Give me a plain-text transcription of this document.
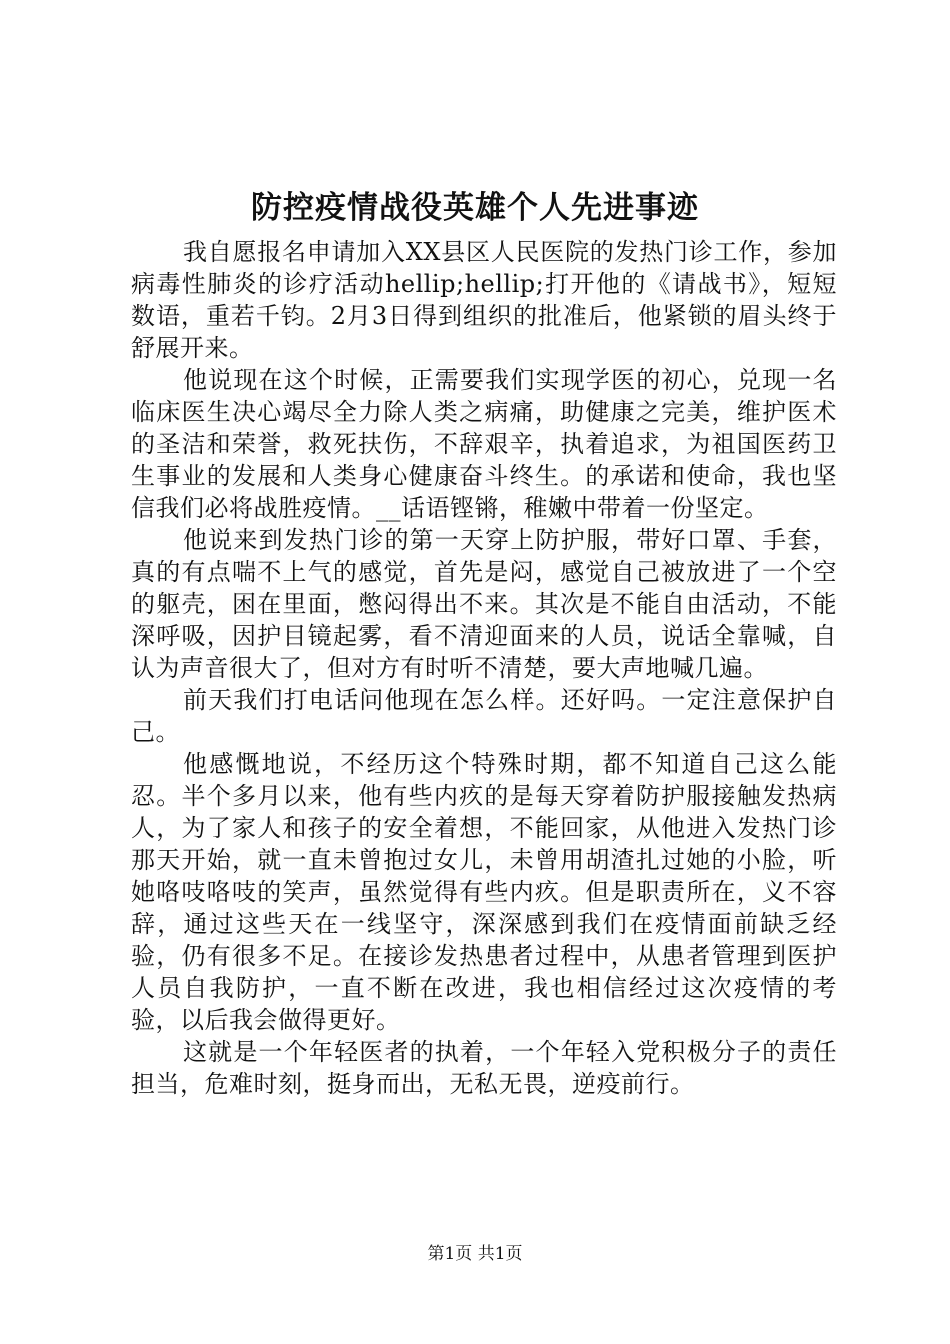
防控疫情战役英雄个人先进事迹

我自愿报名申请加入XX县区人民医院的发热门诊工作，参加病毒性肺炎的诊疗活动hellip;hellip;打开他的《请战书》，短短数语，重若千钧。2月3日得到组织的批准后，他紧锁的眉头终于舒展开来。

他说现在这个时候，正需要我们实现学医的初心，兑现一名临床医生决心竭尽全力除人类之病痛，助健康之完美，维护医术的圣洁和荣誉，救死扶伤，不辞艰辛，执着追求，为祖国医药卫生事业的发展和人类身心健康奋斗终生。的承诺和使命，我也坚信我们必将战胜疫情。__话语铿锵，稚嫩中带着一份坚定。

他说来到发热门诊的第一天穿上防护服，带好口罩、手套，真的有点喘不上气的感觉，首先是闷，感觉自己被放进了一个空的躯壳，困在里面，憋闷得出不来。其次是不能自由活动，不能深呼吸，因护目镜起雾，看不清迎面来的人员，说话全靠喊，自认为声音很大了，但对方有时听不清楚，要大声地喊几遍。

前天我们打电话问他现在怎么样。还好吗。一定注意保护自己。

他感慨地说，不经历这个特殊时期，都不知道自己这么能忍。半个多月以来，他有些内疚的是每天穿着防护服接触发热病人，为了家人和孩子的安全着想，不能回家，从他进入发热门诊那天开始，就一直未曾抱过女儿，未曾用胡渣扎过她的小脸，听她咯吱咯吱的笑声，虽然觉得有些内疚。但是职责所在，义不容辞，通过这些天在一线坚守，深深感到我们在疫情面前缺乏经验，仍有很多不足。在接诊发热患者过程中，从患者管理到医护人员自我防护，一直不断在改进，我也相信经过这次疫情的考验，以后我会做得更好。

这就是一个年轻医者的执着，一个年轻入党积极分子的责任担当，危难时刻，挺身而出，无私无畏，逆疫前行。

第1页 共1页
